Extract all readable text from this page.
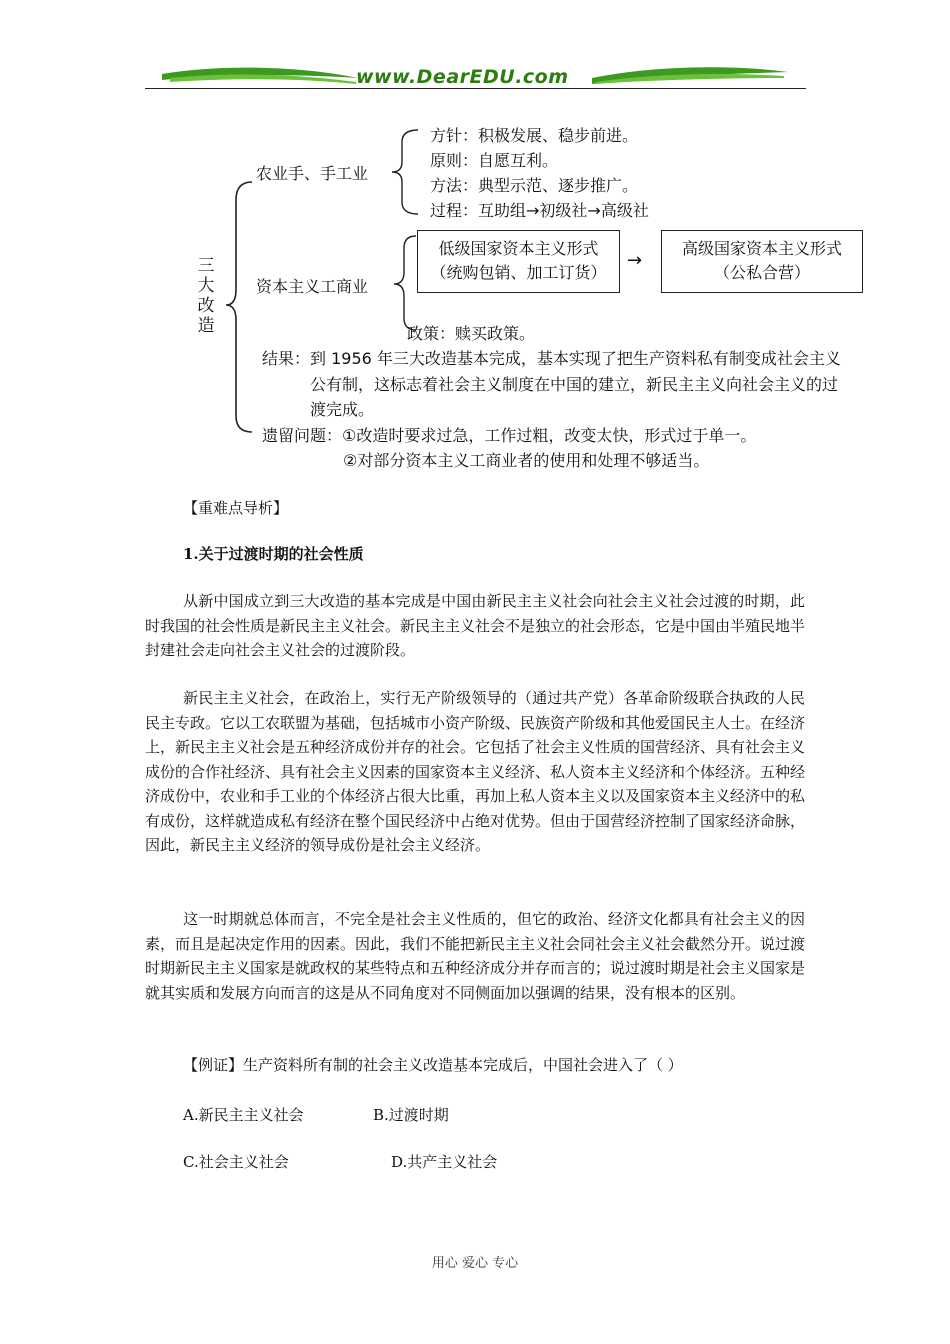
www.DearEDU.com
三
大
改
造
农业手、手工业
方针：积极发展、稳步前进。
原则：自愿互利。
方法：典型示范、逐步推广。
过程：互助组→初级社→高级社
资本主义工商业
低级国家资本主义形式
（统购包销、加工订货）
→
高级国家资本主义形式
（公私合营）
政策：赎买政策。
结果：到 1956 年三大改造基本完成，基本实现了把生产资料私有制变成社会主义
公有制，这标志着社会主义制度在中国的建立，新民主主义向社会主义的过
渡完成。
遗留问题：①改造时要求过急，工作过粗，改变太快，形式过于单一。
②对部分资本主义工商业者的使用和处理不够适当。
【重难点导析】
1.关于过渡时期的社会性质
从新中国成立到三大改造的基本完成是中国由新民主主义社会向社会主义社会过渡的时期，此时我国的社会性质是新民主主义社会。新民主主义社会不是独立的社会形态，它是中国由半殖民地半封建社会走向社会主义社会的过渡阶段。
新民主主义社会，在政治上，实行无产阶级领导的（通过共产党）各革命阶级联合执政的人民民主专政。它以工农联盟为基础，包括城市小资产阶级、民族资产阶级和其他爱国民主人士。在经济上，新民主主义社会是五种经济成份并存的社会。它包括了社会主义性质的国营经济、具有社会主义成份的合作社经济、具有社会主义因素的国家资本主义经济、私人资本主义经济和个体经济。五种经济成份中，农业和手工业的个体经济占很大比重，再加上私人资本主义以及国家资本主义经济中的私有成份，这样就造成私有经济在整个国民经济中占绝对优势。但由于国营经济控制了国家经济命脉，因此，新民主主义经济的领导成份是社会主义经济。
这一时期就总体而言，不完全是社会主义性质的，但它的政治、经济文化都具有社会主义的因素，而且是起决定作用的因素。因此，我们不能把新民主主义社会同社会主义社会截然分开。说过渡时期新民主主义国家是就政权的某些特点和五种经济成分并存而言的；说过渡时期是社会主义国家是就其实质和发展方向而言的这是从不同角度对不同侧面加以强调的结果，没有根本的区别。
【例证】生产资料所有制的社会主义改造基本完成后，中国社会进入了（ ）
A.新民主主义社会	B.过渡时期
C.社会主义社会	D.共产主义社会
用心 爱心 专心
